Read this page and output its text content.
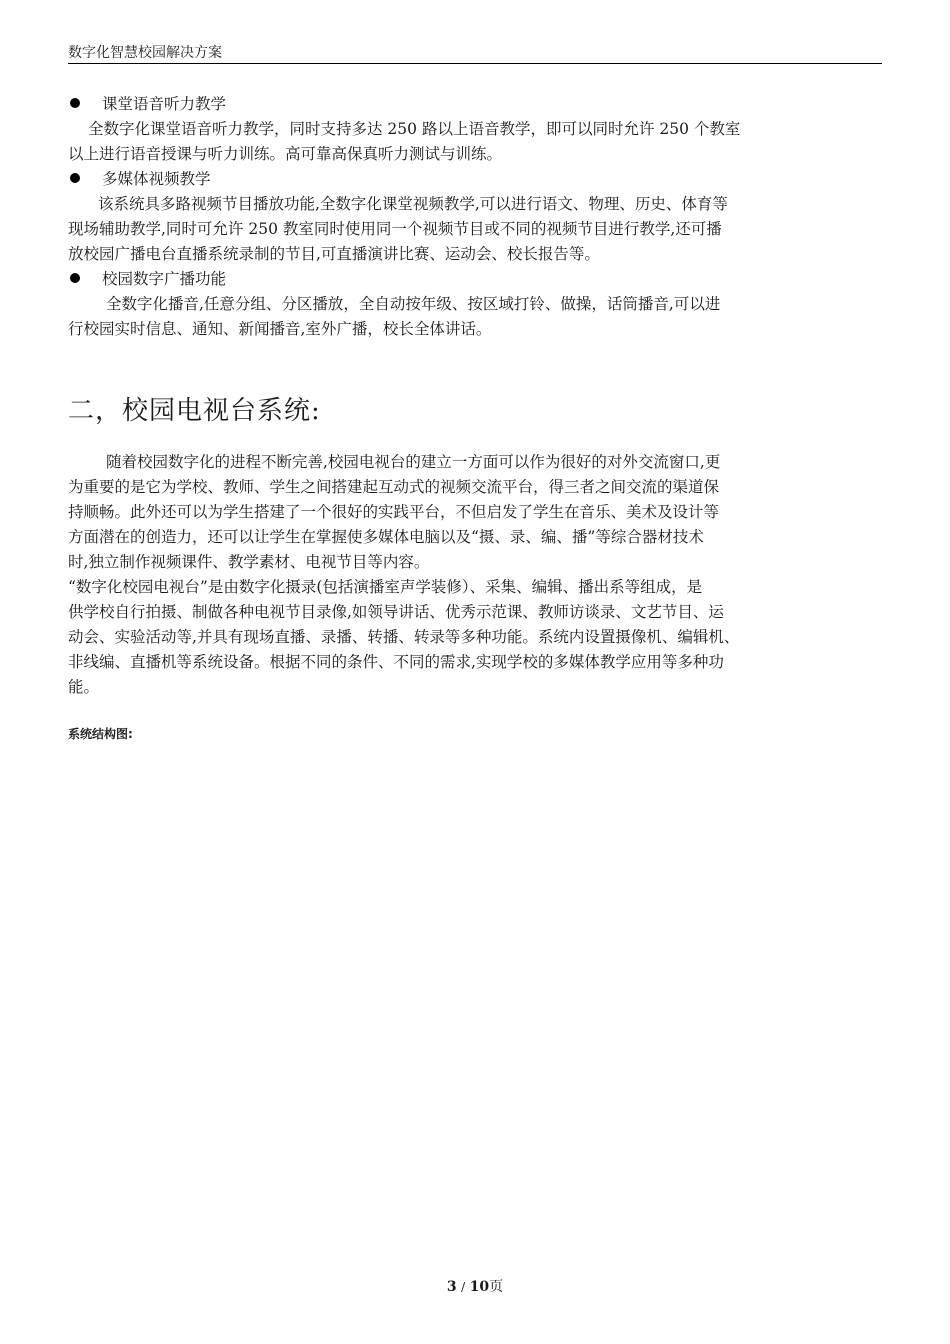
数字化智慧校园解决方案
课堂语音听力教学
全数字化课堂语音听力教学，同时支持多达 250 路以上语音教学，即可以同时允许 250 个教室
以上进行语音授课与听力训练。高可靠高保真听力测试与训练。
多媒体视频教学
该系统具多路视频节目播放功能,全数字化课堂视频教学,可以进行语文、物理、历史、体育等
现场辅助教学,同时可允许 250 教室同时使用同一个视频节目或不同的视频节目进行教学,还可播
放校园广播电台直播系统录制的节目,可直播演讲比赛、运动会、校长报告等。
校园数字广播功能
全数字化播音,任意分组、分区播放，全自动按年级、按区域打铃、做操，话筒播音,可以进
行校园实时信息、通知、新闻播音,室外广播，校长全体讲话。
二，校园电视台系统:
随着校园数字化的进程不断完善,校园电视台的建立一方面可以作为很好的对外交流窗口,更
为重要的是它为学校、教师、学生之间搭建起互动式的视频交流平台，得三者之间交流的渠道保
持顺畅。此外还可以为学生搭建了一个很好的实践平台，不但启发了学生在音乐、美术及设计等
方面潜在的创造力，还可以让学生在掌握使多媒体电脑以及“摄、录、编、播”等综合器材技术
时,独立制作视频课件、教学素材、电视节目等内容。
“数字化校园电视台”是由数字化摄录(包括演播室声学装修）、采集、编辑、播出系等组成，是
供学校自行拍摄、制做各种电视节目录像,如领导讲话、优秀示范课、教师访谈录、文艺节目、运
动会、实验活动等,并具有现场直播、录播、转播、转录等多种功能。系统内设置摄像机、编辑机、
非线编、直播机等系统设备。根据不同的条件、不同的需求,实现学校的多媒体教学应用等多种功
能。
系统结构图:
3 / 10页
